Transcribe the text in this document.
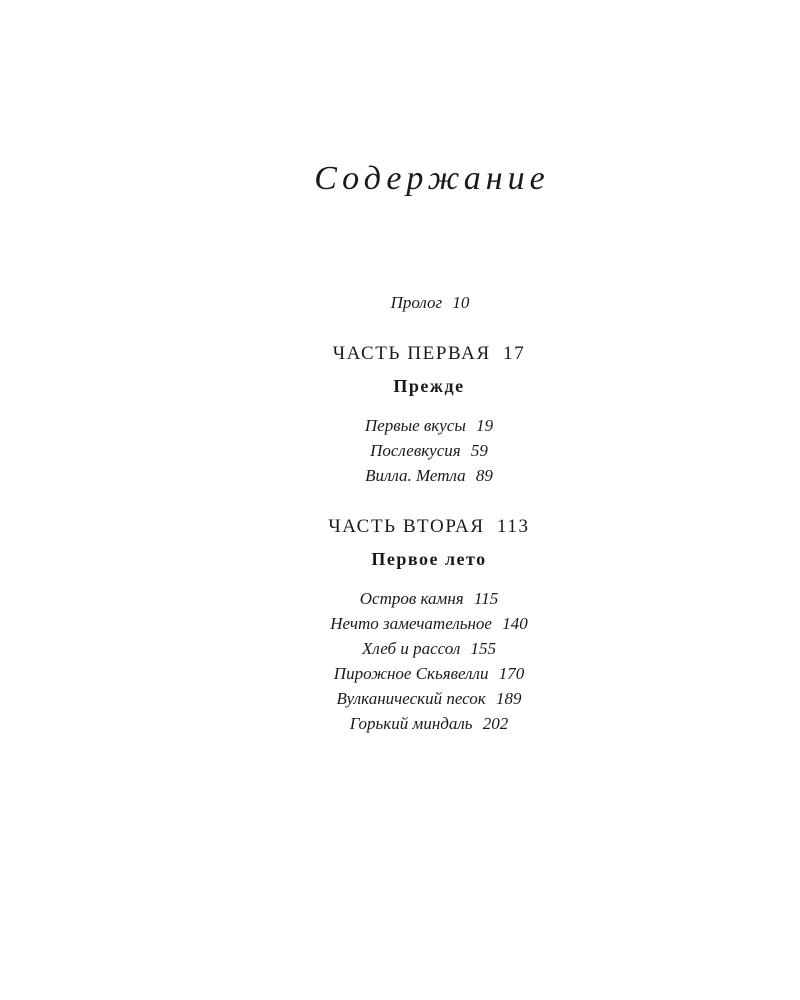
Содержание
Пролог 10
ЧАСТЬ ПЕРВАЯ 17
Прежде
Первые вкусы 19
Послевкусия 59
Вилла. Метла 89
ЧАСТЬ ВТОРАЯ 113
Первое лето
Остров камня 115
Нечто замечательное 140
Хлеб и рассол 155
Пирожное Скьявелли 170
Вулканический песок 189
Горький миндаль 202
